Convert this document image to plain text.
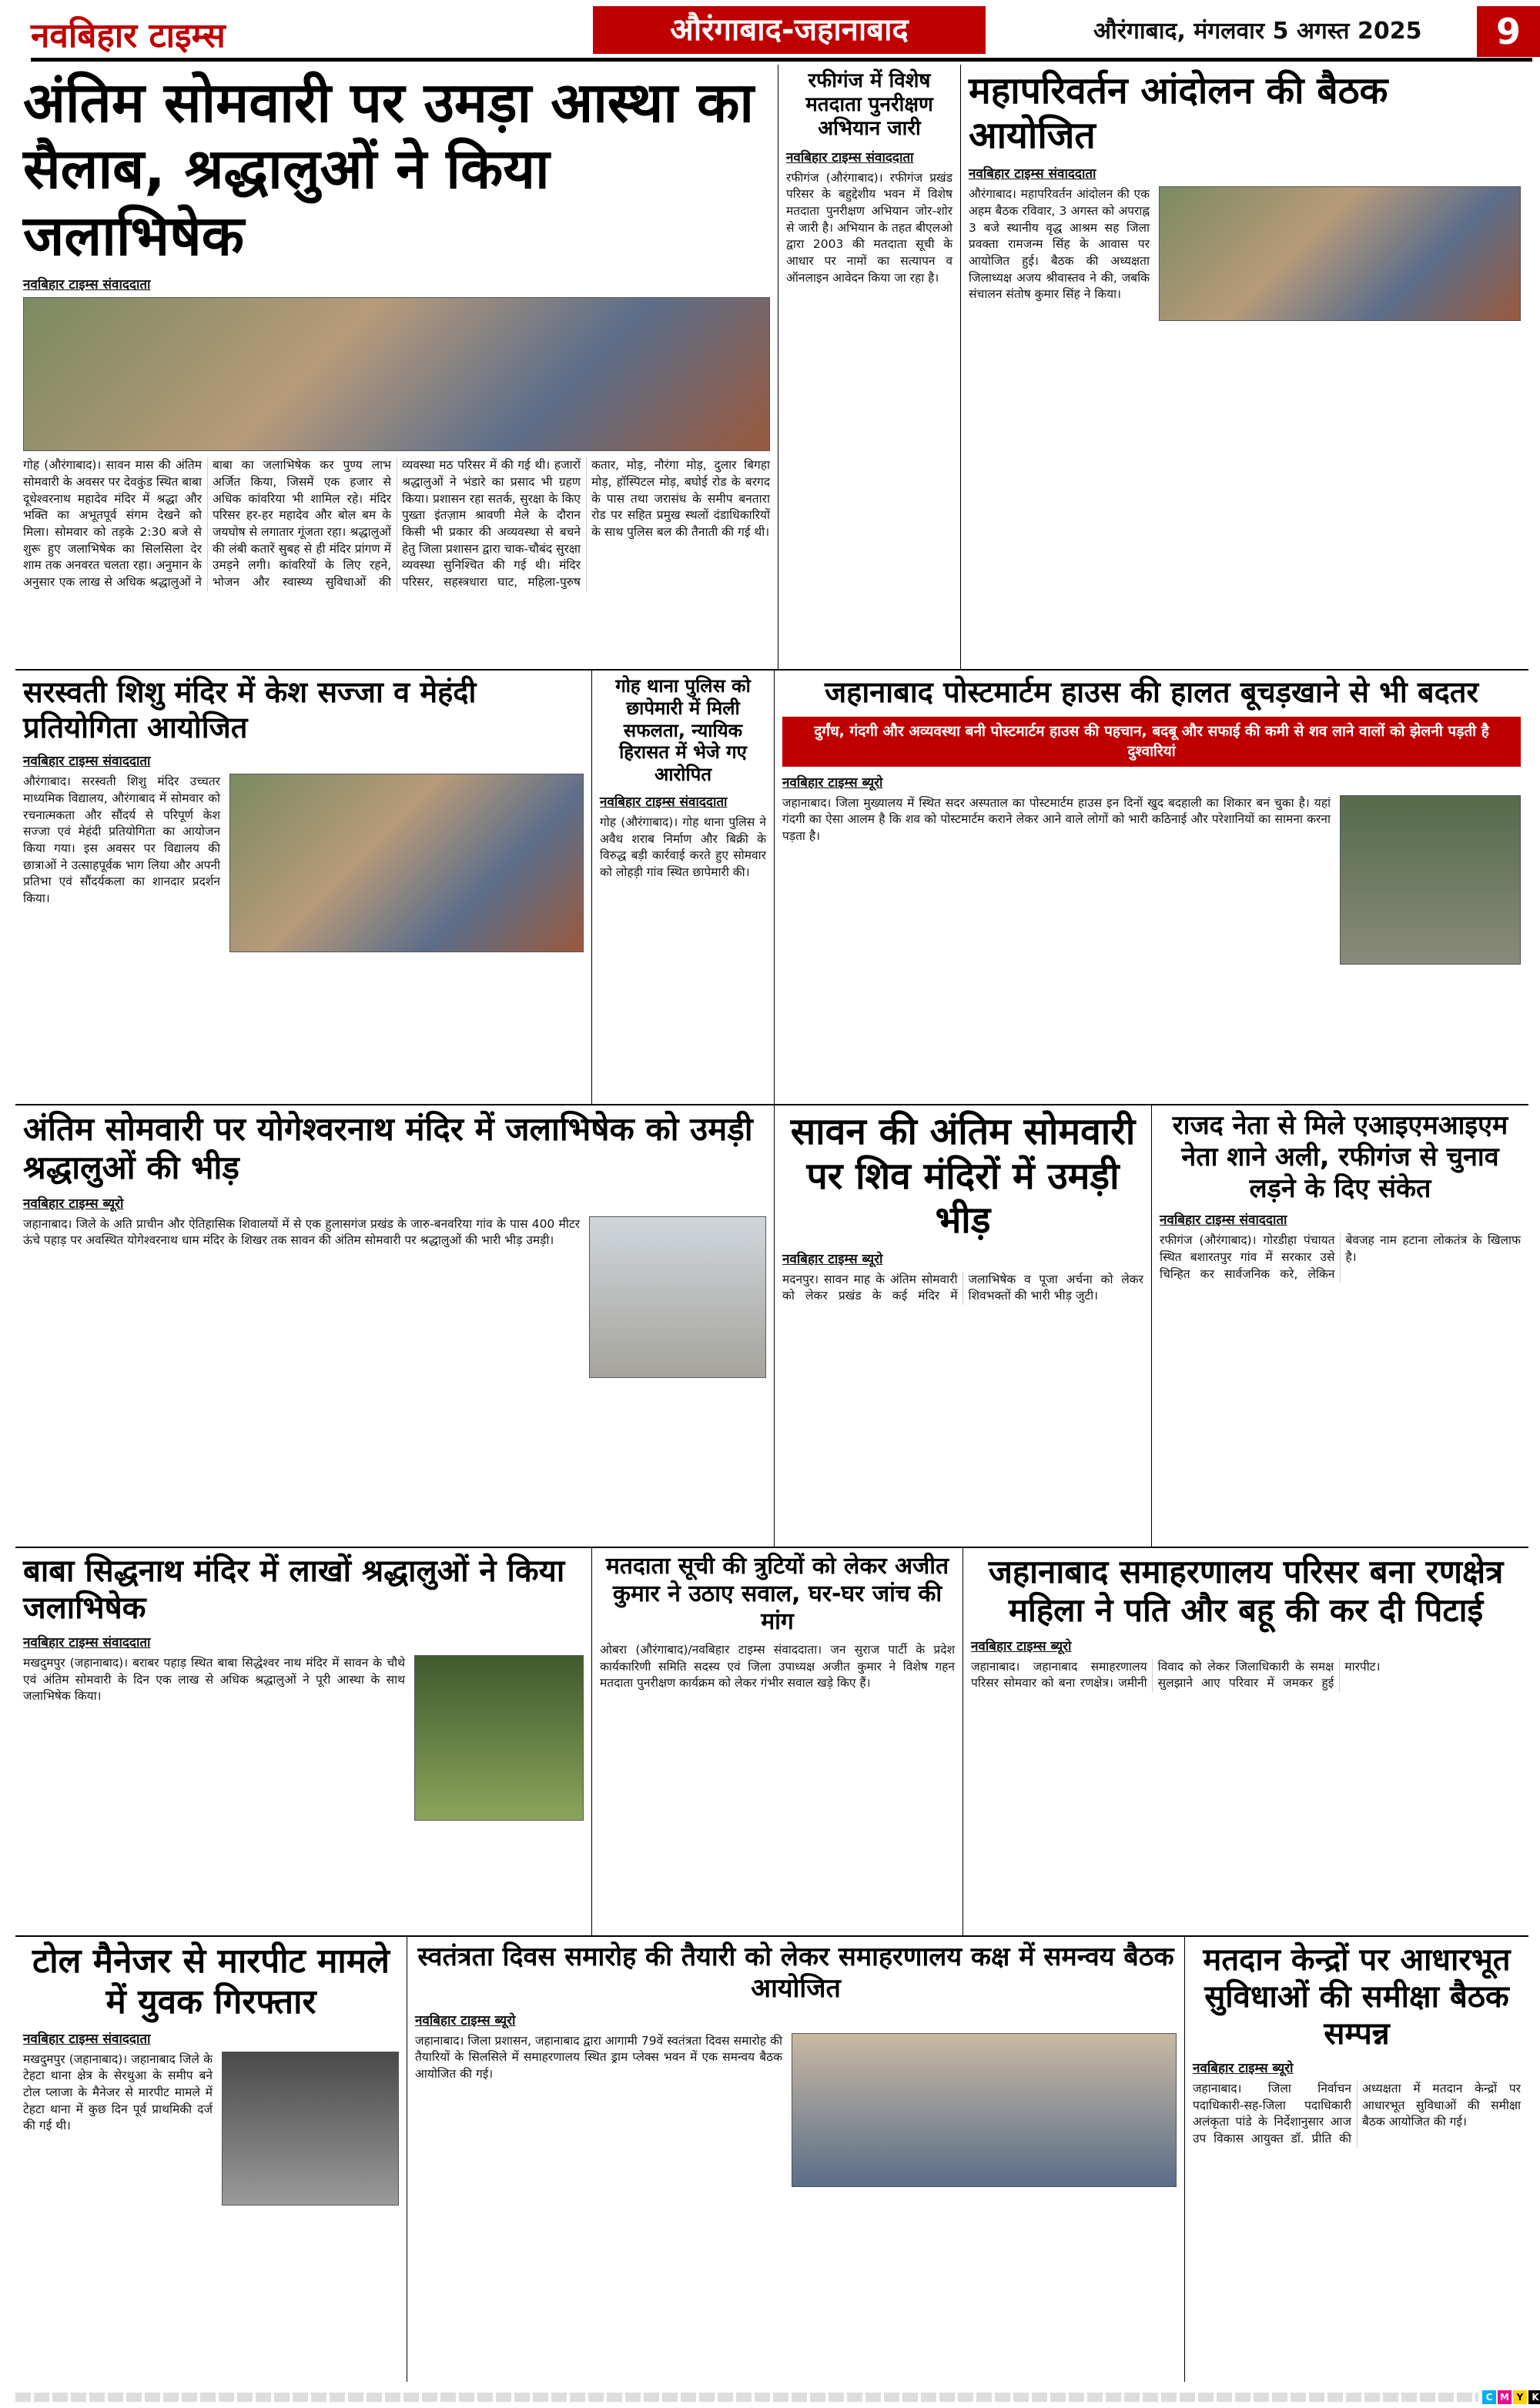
नवबिहार टाइम्स	औरंगाबाद-जहानाबाद	औरंगाबाद, मंगलवार 5 अगस्त 2025	9
अंतिम सोमवारी पर उमड़ा आस्था का सैलाब, श्रद्धालुओं ने किया जलाभिषेक
नवबिहार टाइम्स संवाददाता
गोह (औरंगाबाद)। सावन मास की अंतिम सोमवारी के अवसर पर देवकुंड स्थित बाबा दूधेश्वरनाथ महादेव मंदिर में श्रद्धा और भक्ति का अभूतपूर्व संगम देखने को मिला। सोमवार को तड़के 2:30 बजे से शुरू हुए जलाभिषेक का सिलसिला देर शाम तक अनवरत चलता रहा। अनुमान के अनुसार एक लाख से अधिक श्रद्धालुओं ने बाबा का जलाभिषेक कर पुण्य लाभ अर्जित किया, जिसमें एक हजार से अधिक कांवरिया भी शामिल रहे। मंदिर परिसर हर-हर महादेव और बोल बम के जयघोष से लगातार गूंजता रहा। श्रद्धालुओं की लंबी कतारें सुबह से ही मंदिर प्रांगण में उमड़ने लगी। कांवरियों के लिए रहने, भोजन और स्वास्थ्य सुविधाओं की व्यवस्था मठ परिसर में की गई थी। हजारों श्रद्धालुओं ने भंडारे का प्रसाद भी ग्रहण किया। प्रशासन रहा सतर्क, सुरक्षा के किए पुख्ता इंतज़ाम श्रावणी मेले के दौरान किसी भी प्रकार की अव्यवस्था से बचने हेतु जिला प्रशासन द्वारा चाक-चौबंद सुरक्षा व्यवस्था सुनिश्चित की गई थी। मंदिर परिसर, सहस्त्रधारा घाट, महिला-पुरुष कतार, मोड़, नौरंगा मोड़, दुलार बिगहा मोड़, हॉस्पिटल मोड़, बघोई रोड के बरगद के पास तथा जरासंध के समीप बनतारा रोड पर सहित प्रमुख स्थलों दंडाधिकारियों के साथ पुलिस बल की तैनाती की गई थी।
रफीगंज में विशेष मतदाता पुनरीक्षण अभियान जारी
नवबिहार टाइम्स संवाददाता
रफीगंज (औरंगाबाद)। रफीगंज प्रखंड परिसर के बहुद्देशीय भवन में विशेष मतदाता पुनरीक्षण अभियान जोर-शोर से जारी है। अभियान के तहत बीएलओ द्वारा 2003 की मतदाता सूची के आधार पर नामों का सत्यापन व ऑनलाइन आवेदन किया जा रहा है।
महापरिवर्तन आंदोलन की बैठक आयोजित
नवबिहार टाइम्स संवाददाता
औरंगाबाद। महापरिवर्तन आंदोलन की एक अहम बैठक रविवार, 3 अगस्त को अपराह्न 3 बजे स्थानीय वृद्ध आश्रम सह जिला प्रवक्ता रामजन्म सिंह के आवास पर आयोजित हुई। बैठक की अध्यक्षता जिलाध्यक्ष अजय श्रीवास्तव ने की, जबकि संचालन संतोष कुमार सिंह ने किया।
सरस्वती शिशु मंदिर में केश सज्जा व मेहंदी प्रतियोगिता आयोजित
नवबिहार टाइम्स संवाददाता
औरंगाबाद। सरस्वती शिशु मंदिर उच्चतर माध्यमिक विद्यालय, औरंगाबाद में सोमवार को रचनात्मकता और सौंदर्य से परिपूर्ण केश सज्जा एवं मेहंदी प्रतियोगिता का आयोजन किया गया। इस अवसर पर विद्यालय की छात्राओं ने उत्साहपूर्वक भाग लिया और अपनी प्रतिभा एवं सौंदर्यकला का शानदार प्रदर्शन किया।
गोह थाना पुलिस को छापेमारी में मिली सफलता, न्यायिक हिरासत में भेजे गए आरोपित
नवबिहार टाइम्स संवाददाता
गोह (औरंगाबाद)। गोह थाना पुलिस ने अवैध शराब निर्माण और बिक्री के विरुद्ध बड़ी कार्रवाई करते हुए सोमवार को लोहड़ी गांव स्थित छापेमारी की।
जहानाबाद पोस्टमार्टम हाउस की हालत बूचड़खाने से भी बदतर
दुर्गंध, गंदगी और अव्यवस्था बनी पोस्टमार्टम हाउस की पहचान, बदबू और सफाई की कमी से शव लाने वालों को झेलनी पड़ती है दुश्वारियां
नवबिहार टाइम्स ब्यूरो
जहानाबाद। जिला मुख्यालय में स्थित सदर अस्पताल का पोस्टमार्टम हाउस इन दिनों खुद बदहाली का शिकार बन चुका है। यहां गंदगी का ऐसा आलम है कि शव को पोस्टमार्टम कराने लेकर आने वाले लोगों को भारी कठिनाई और परेशानियों का सामना करना पड़ता है।
अंतिम सोमवारी पर योगेश्वरनाथ मंदिर में जलाभिषेक को उमड़ी श्रद्धालुओं की भीड़
नवबिहार टाइम्स ब्यूरो
जहानाबाद। जिले के अति प्राचीन और ऐतिहासिक शिवालयों में से एक हुलासगंज प्रखंड के जारु-बनवरिया गांव के पास 400 मीटर ऊंचे पहाड़ पर अवस्थित योगेश्वरनाथ धाम मंदिर के शिखर तक सावन की अंतिम सोमवारी पर श्रद्धालुओं की भारी भीड़ उमड़ी।
सावन की अंतिम सोमवारी पर शिव मंदिरों में उमड़ी भीड़
नवबिहार टाइम्स ब्यूरो
मदनपुर। सावन माह के अंतिम सोमवारी को लेकर प्रखंड के कई मंदिर में जलाभिषेक व पूजा अर्चना को लेकर शिवभक्तों की भारी भीड़ जुटी।
राजद नेता से मिले एआइएमआइएम नेता शाने अली, रफीगंज से चुनाव लड़ने के दिए संकेत
नवबिहार टाइम्स संवाददाता
रफीगंज (औरंगाबाद)। गोरडीहा पंचायत स्थित बशारतपुर गांव में सरकार उसे चिन्हित कर सार्वजनिक करे, लेकिन बेवजह नाम हटाना लोकतंत्र के खिलाफ है।
बाबा सिद्धनाथ मंदिर में लाखों श्रद्धालुओं ने किया जलाभिषेक
नवबिहार टाइम्स संवाददाता
मखदुमपुर (जहानाबाद)। बराबर पहाड़ स्थित बाबा सिद्धेश्वर नाथ मंदिर में सावन के चौथे एवं अंतिम सोमवारी के दिन एक लाख से अधिक श्रद्धालुओं ने पूरी आस्था के साथ जलाभिषेक किया।
मतदाता सूची की त्रुटियों को लेकर अजीत कुमार ने उठाए सवाल, घर-घर जांच की मांग
ओबरा (औरंगाबाद)/नवबिहार टाइम्स संवाददाता। जन सुराज पार्टी के प्रदेश कार्यकारिणी समिति सदस्य एवं जिला उपाध्यक्ष अजीत कुमार ने विशेष गहन मतदाता पुनरीक्षण कार्यक्रम को लेकर गंभीर सवाल खड़े किए हैं।
जहानाबाद समाहरणालय परिसर बना रणक्षेत्र महिला ने पति और बहू की कर दी पिटाई
नवबिहार टाइम्स ब्यूरो
जहानाबाद। जहानाबाद समाहरणालय परिसर सोमवार को बना रणक्षेत्र। जमीनी विवाद को लेकर जिलाधिकारी के समक्ष सुलझाने आए परिवार में जमकर हुई मारपीट।
टोल मैनेजर से मारपीट मामले में युवक गिरफ्तार
नवबिहार टाइम्स संवाददाता
मखदुमपुर (जहानाबाद)। जहानाबाद जिले के टेहटा थाना क्षेत्र के सेरथुआ के समीप बने टोल प्लाजा के मैनेजर से मारपीट मामले में टेहटा थाना में कुछ दिन पूर्व प्राथमिकी दर्ज की गई थी।
स्वतंत्रता दिवस समारोह की तैयारी को लेकर समाहरणालय कक्ष में समन्वय बैठक आयोजित
नवबिहार टाइम्स ब्यूरो
जहानाबाद। जिला प्रशासन, जहानाबाद द्वारा आगामी 79वें स्वतंत्रता दिवस समारोह की तैयारियों के सिलसिले में समाहरणालय स्थित ड्राम प्लेक्स भवन में एक समन्वय बैठक आयोजित की गई।
मतदान केन्द्रों पर आधारभूत सुविधाओं की समीक्षा बैठक सम्पन्न
नवबिहार टाइम्स ब्यूरो
जहानाबाद। जिला निर्वाचन पदाधिकारी-सह-जिला पदाधिकारी अलंकृता पांडे के निर्देशानुसार आज उप विकास आयुक्त डॉ. प्रीति की अध्यक्षता में मतदान केन्द्रों पर आधारभूत सुविधाओं की समीक्षा बैठक आयोजित की गई।
C M Y K
